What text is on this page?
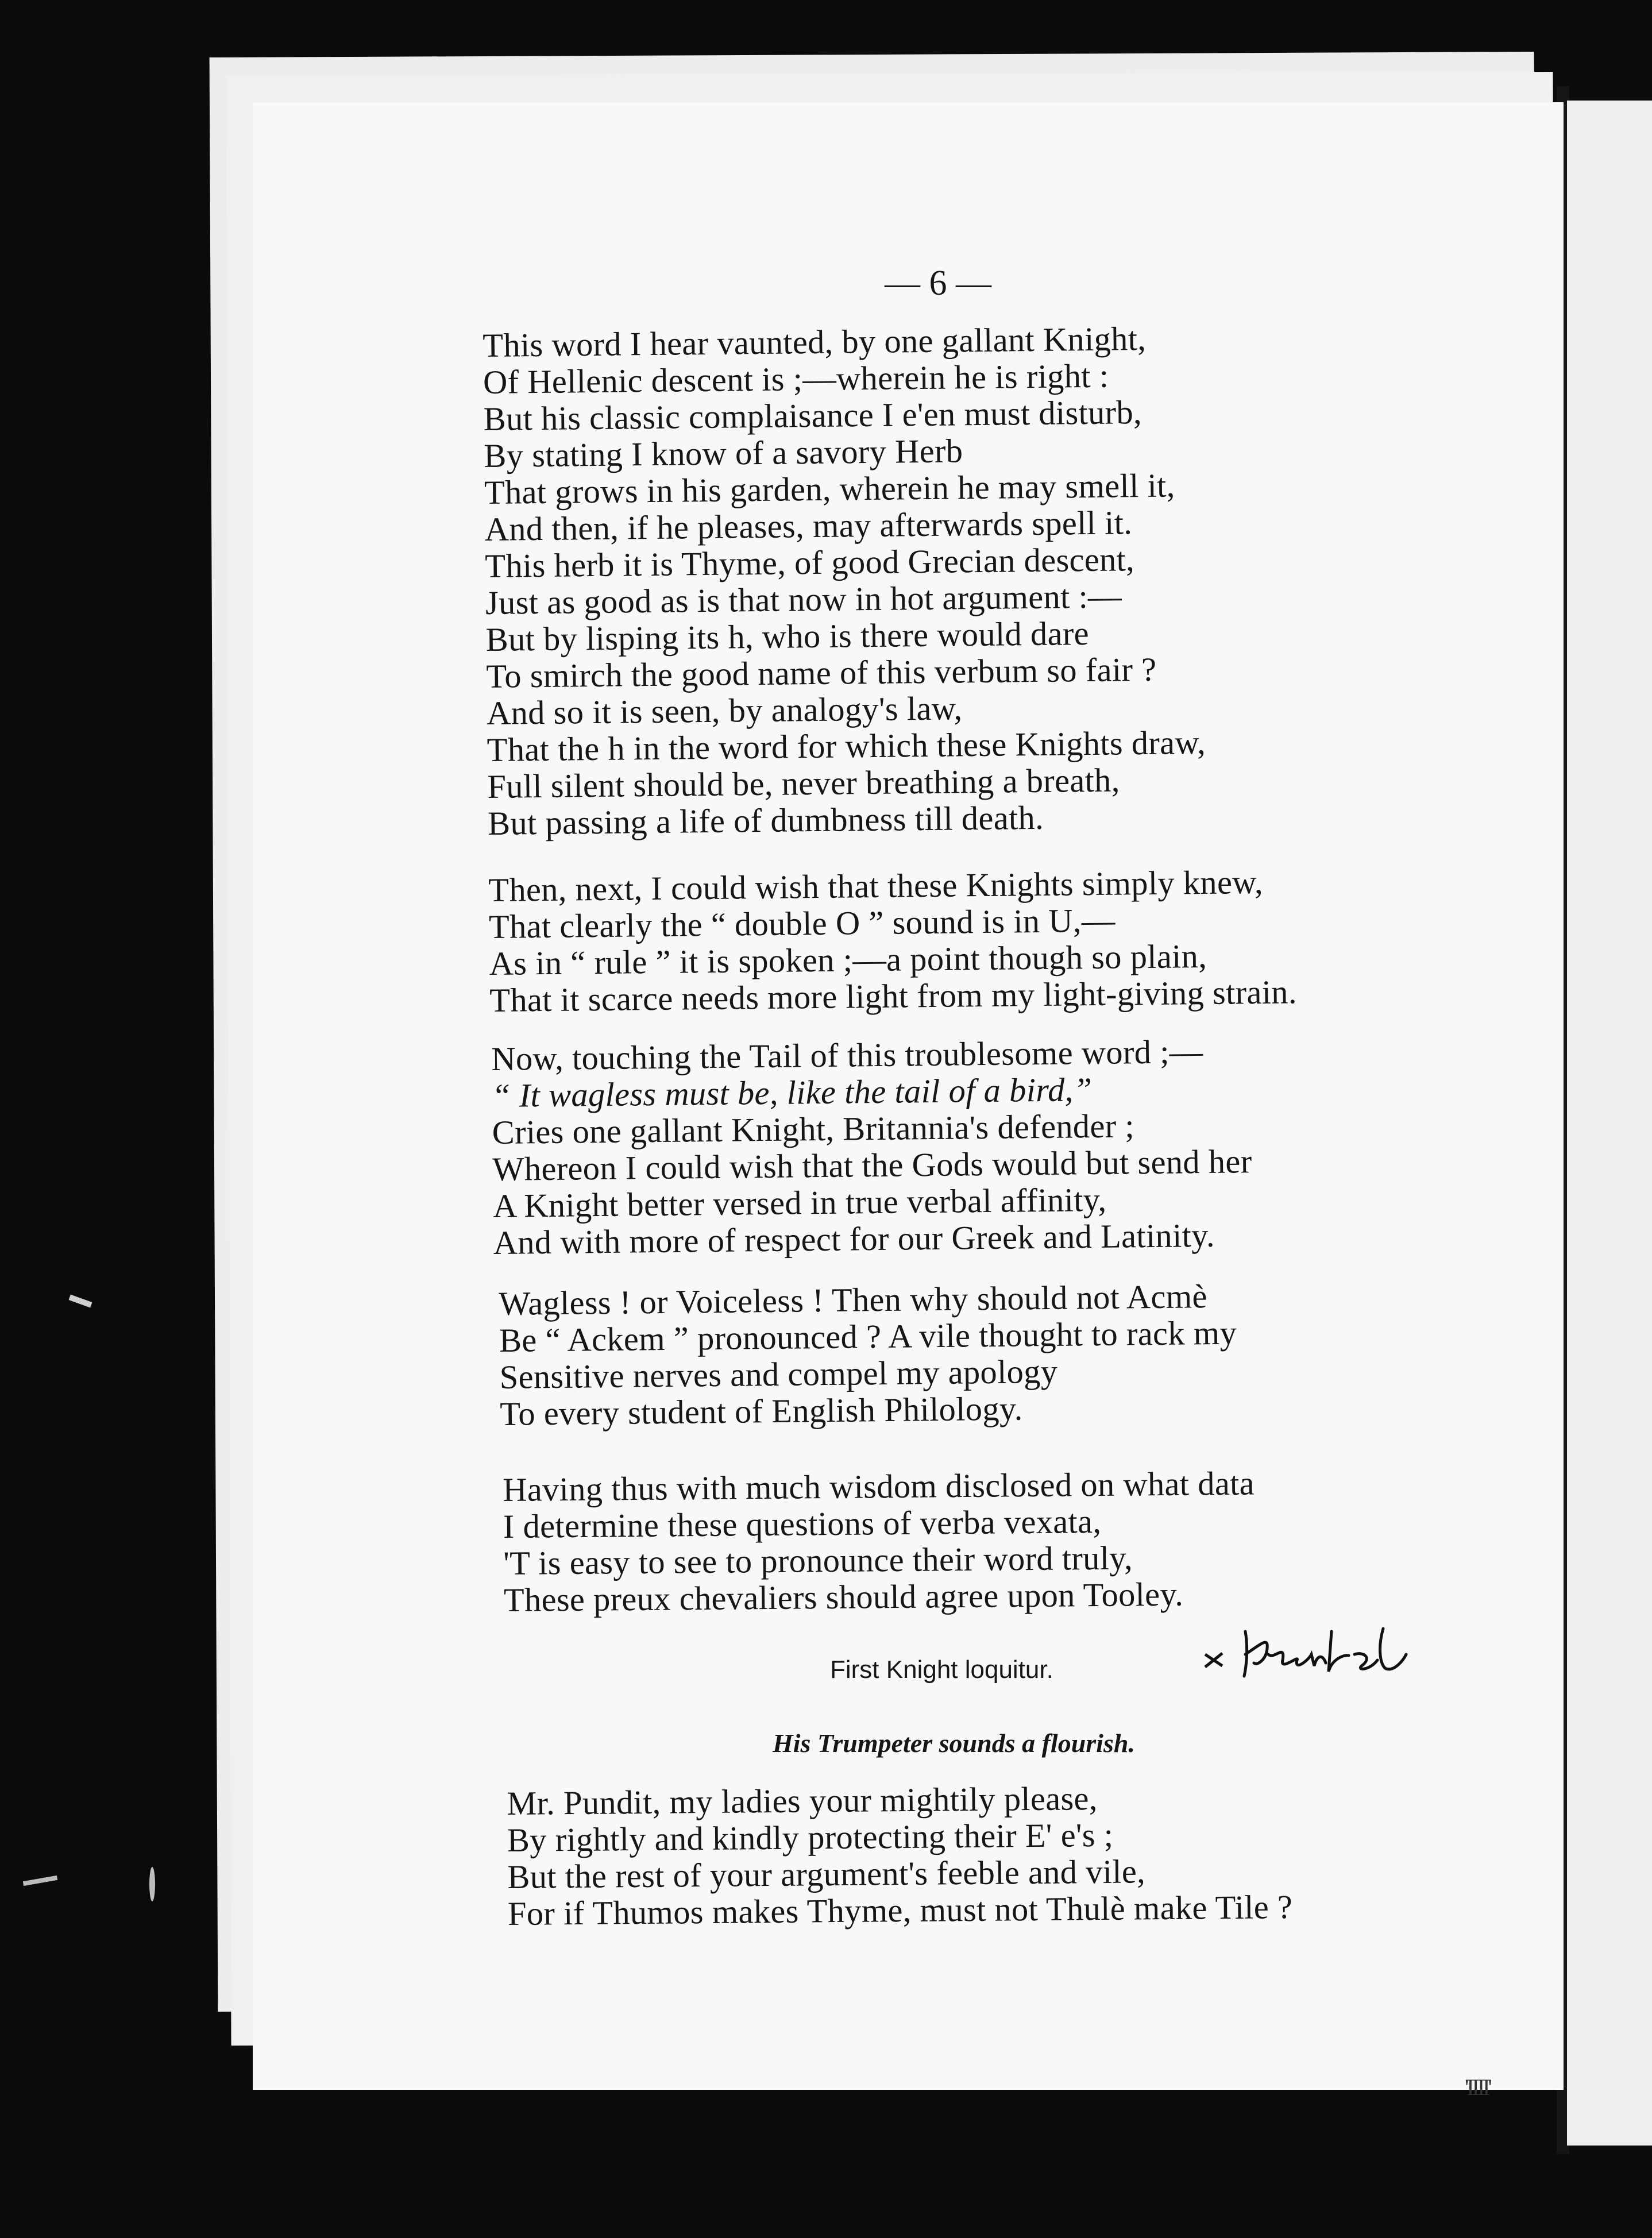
— 6 —
This word I hear vaunted, by one gallant Knight,
Of Hellenic descent is ;—wherein he is right :
But his classic complaisance I e'en must disturb,
By stating I know of a savory Herb
That grows in his garden, wherein he may smell it,
And then, if he pleases, may afterwards spell it.
This herb it is Thyme, of good Grecian descent,
Just as good as is that now in hot argument :—
But by lisping its h, who is there would dare
To smirch the good name of this verbum so fair ?
And so it is seen, by analogy's law,
That the h in the word for which these Knights draw,
Full silent should be, never breathing a breath,
But passing a life of dumbness till death.
Then, next, I could wish that these Knights simply knew,
That clearly the “ double O ” sound is in U,—
As in “ rule ” it is spoken ;—a point though so plain,
That it scarce needs more light from my light-giving strain.
Now, touching the Tail of this troublesome word ;—
“ It wagless must be, like the tail of a bird,”
Cries one gallant Knight, Britannia's defender ;
Whereon I could wish that the Gods would but send her
A Knight better versed in true verbal affinity,
And with more of respect for our Greek and Latinity.
Wagless ! or Voiceless ! Then why should not Acmè
Be “ Ackem ” pronounced ? A vile thought to rack my
Sensitive nerves and compel my apology
To every student of English Philology.
Having thus with much wisdom disclosed on what data
I determine these questions of verba vexata,
'T is easy to see to pronounce their word truly,
These preux chevaliers should agree upon Tooley.
First Knight loquitur.
His Trumpeter sounds a flourish.
Mr. Pundit, my ladies your mightily please,
By rightly and kindly protecting their E' e's ;
But the rest of your argument's feeble and vile,
For if Thumos makes Thyme, must not Thulè make Tile ?
'IIII'
